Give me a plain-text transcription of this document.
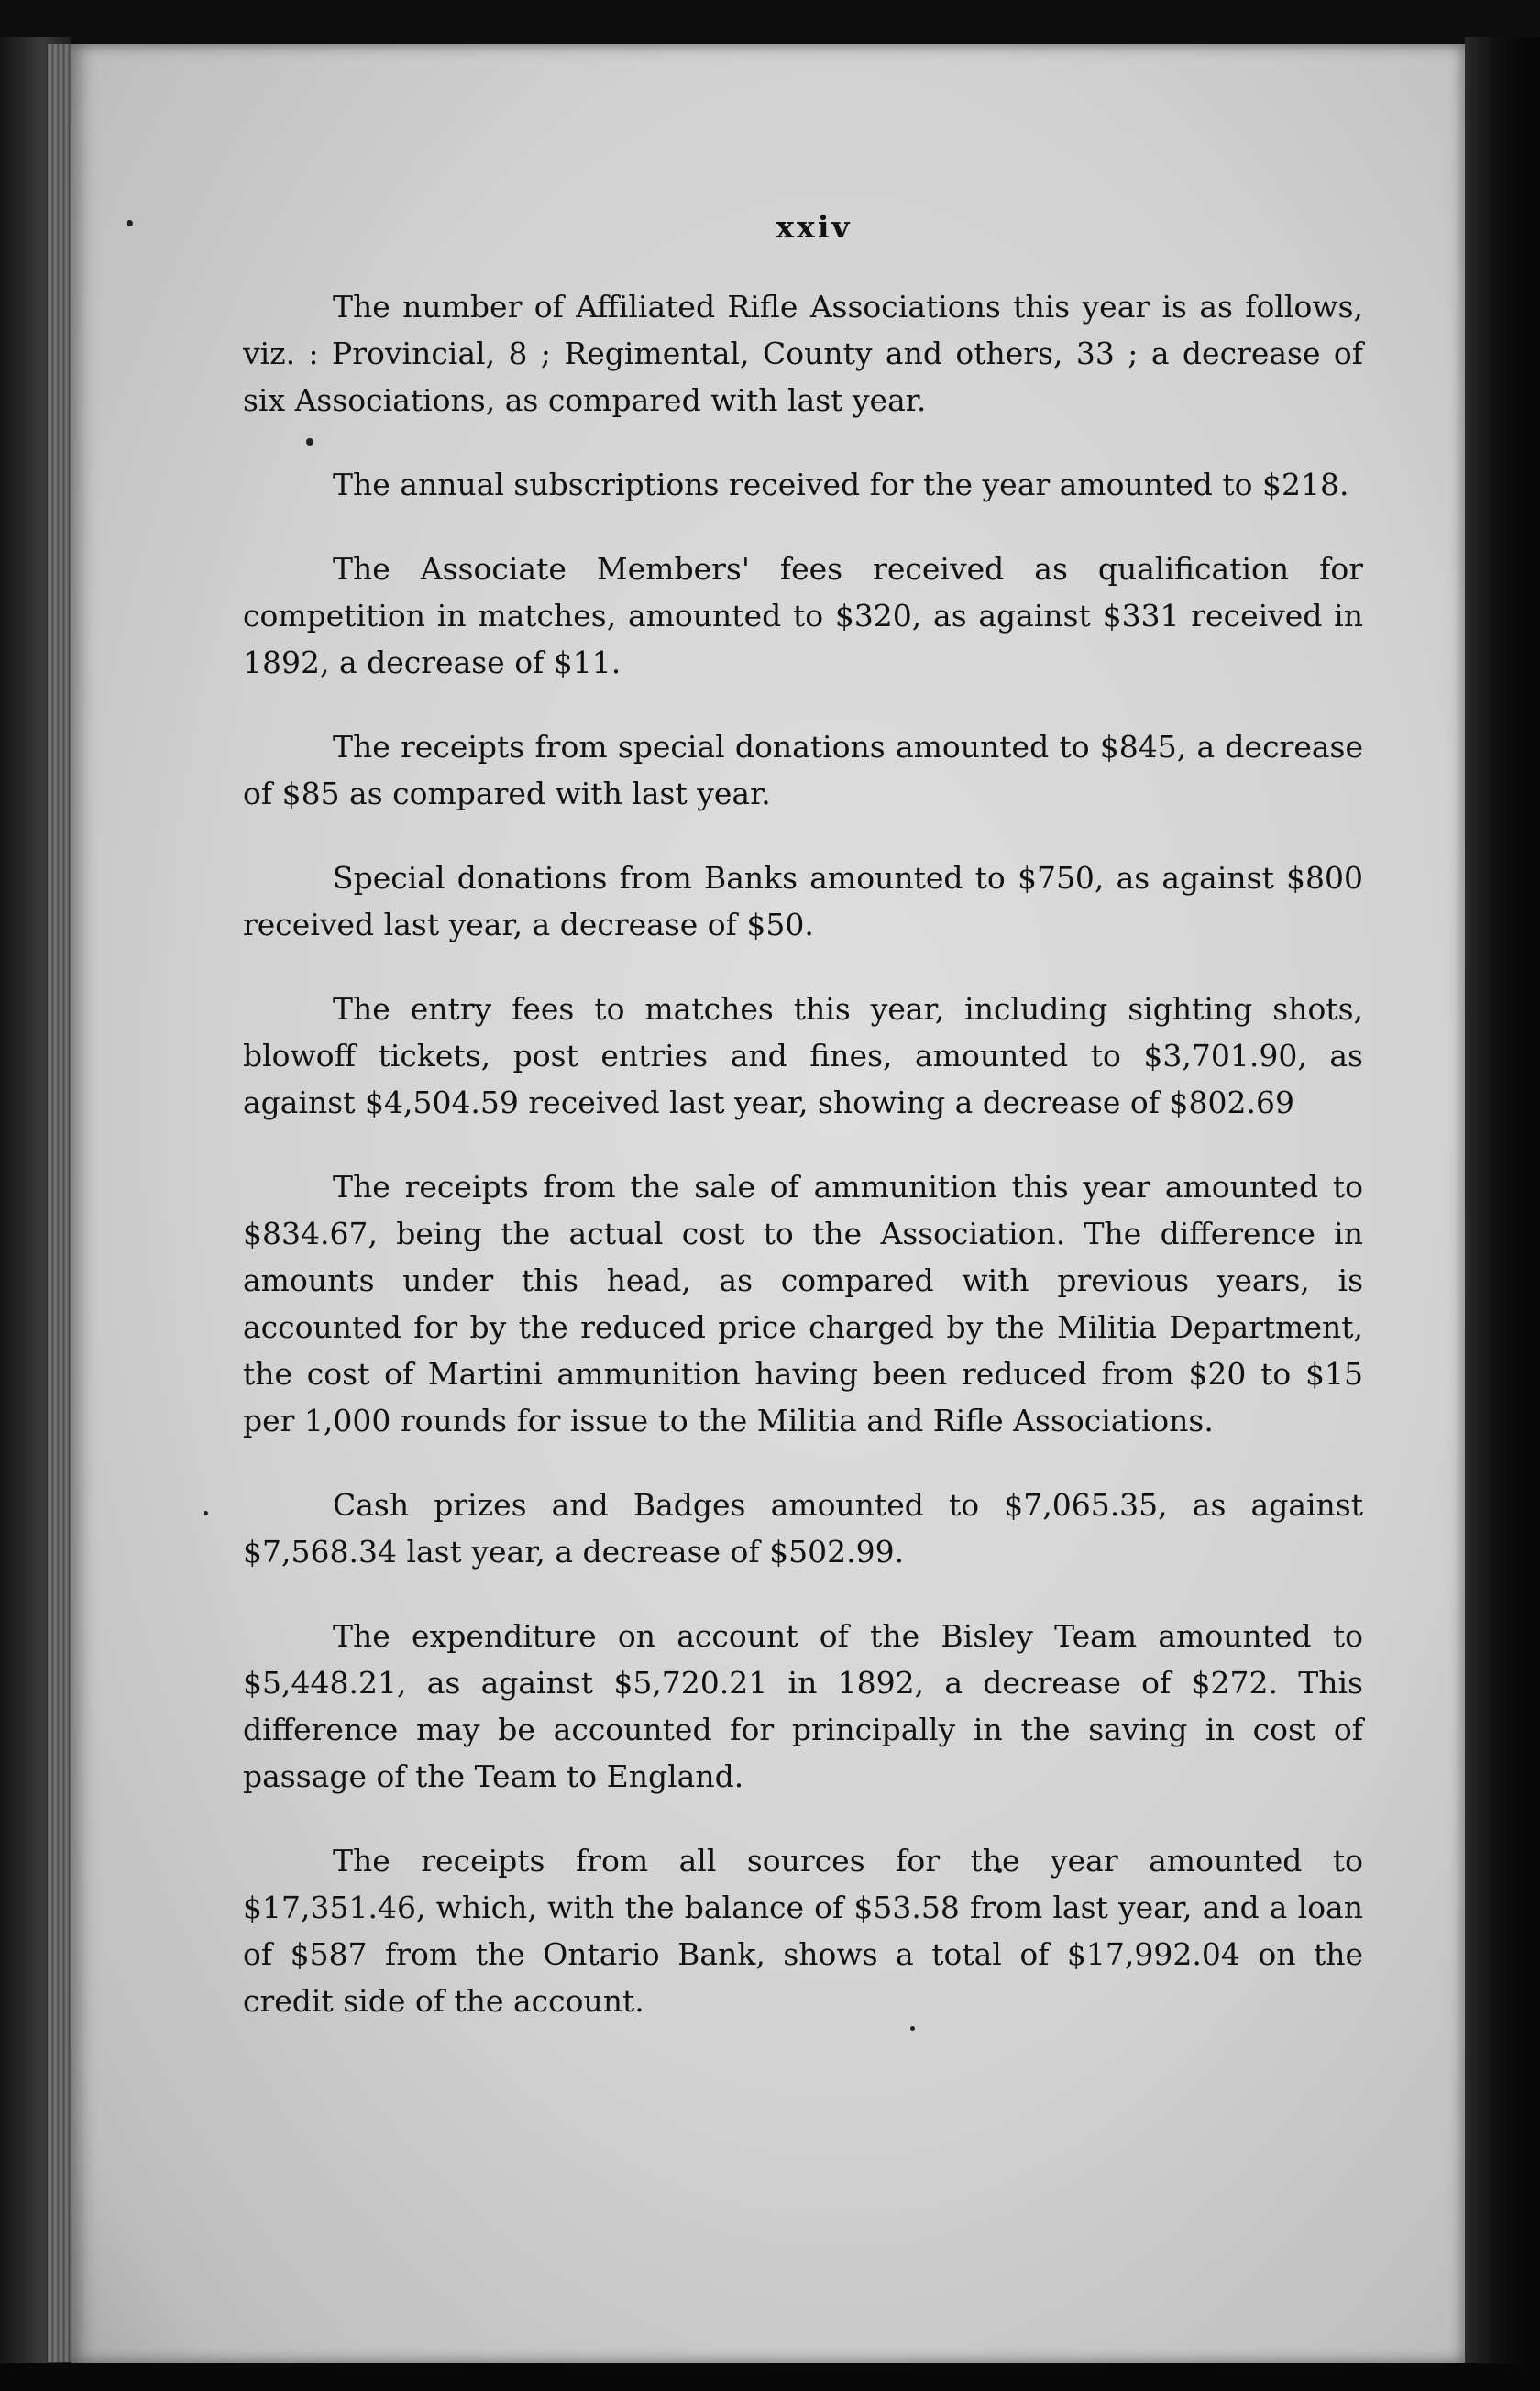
xxiv

The number of Affiliated Rifle Associations this year is as follows, viz. : Provincial, 8 ; Regimental, County and others, 33 ; a decrease of six Associations, as compared with last year.

The annual subscriptions received for the year amounted to $218.

The Associate Members' fees received as qualification for competition in matches, amounted to $320, as against $331 received in 1892, a decrease of $11.

The receipts from special donations amounted to $845, a decrease of $85 as compared with last year.

Special donations from Banks amounted to $750, as against $800 received last year, a decrease of $50.

The entry fees to matches this year, including sighting shots, blowoff tickets, post entries and fines, amounted to $3,701.90, as against $4,504.59 received last year, showing a decrease of $802.69

The receipts from the sale of ammunition this year amounted to $834.67, being the actual cost to the Association. The difference in amounts under this head, as compared with previous years, is accounted for by the reduced price charged by the Militia Department, the cost of Martini ammunition having been reduced from $20 to $15 per 1,000 rounds for issue to the Militia and Rifle Associations.

Cash prizes and Badges amounted to $7,065.35, as against $7,568.34 last year, a decrease of $502.99.

The expenditure on account of the Bisley Team amounted to $5,448.21, as against $5,720.21 in 1892, a decrease of $272. This difference may be accounted for principally in the saving in cost of passage of the Team to England.

The receipts from all sources for the year amounted to $17,351.46, which, with the balance of $53.58 from last year, and a loan of $587 from the Ontario Bank, shows a total of $17,992.04 on the credit side of the account.
